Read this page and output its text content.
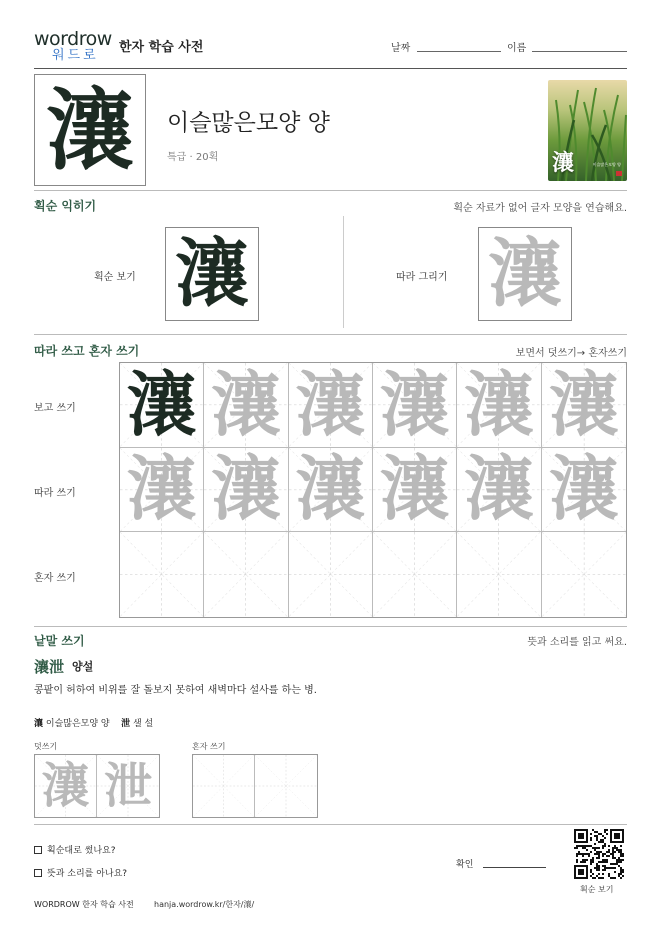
wordrow
워드로
한자 학습 사전	날짜	이름
瀼 이슬많은모양 양
특급 · 20획	瀼	이슬많은모양 양
획순 익히기	획순 자료가 없어 글자 모양을 연습해요.
획순 보기 瀼	따라 그리기 瀼
따라 쓰고 혼자 쓰기	보면서 덧쓰기→ 혼자쓰기
보고 쓰기
따라 쓰기
혼자 쓰기
瀼 瀼 瀼 瀼 瀼 瀼
瀼 瀼 瀼 瀼 瀼 瀼
낱말 쓰기	뜻과 소리를 읽고 써요.
瀼泄 양설
콩팥이 허하여 비위를 잘 돌보지 못하여 새벽마다 설사를 하는 병.
瀼 이슬많은모양 양 泄 샐 설
덧쓰기	혼자 쓰기
瀼 泄
획순대로 썼나요?
뜻과 소리를 아나요?
확인
획순 보기
WORDROW 한자 학습 사전	hanja.wordrow.kr/한자/瀼/
